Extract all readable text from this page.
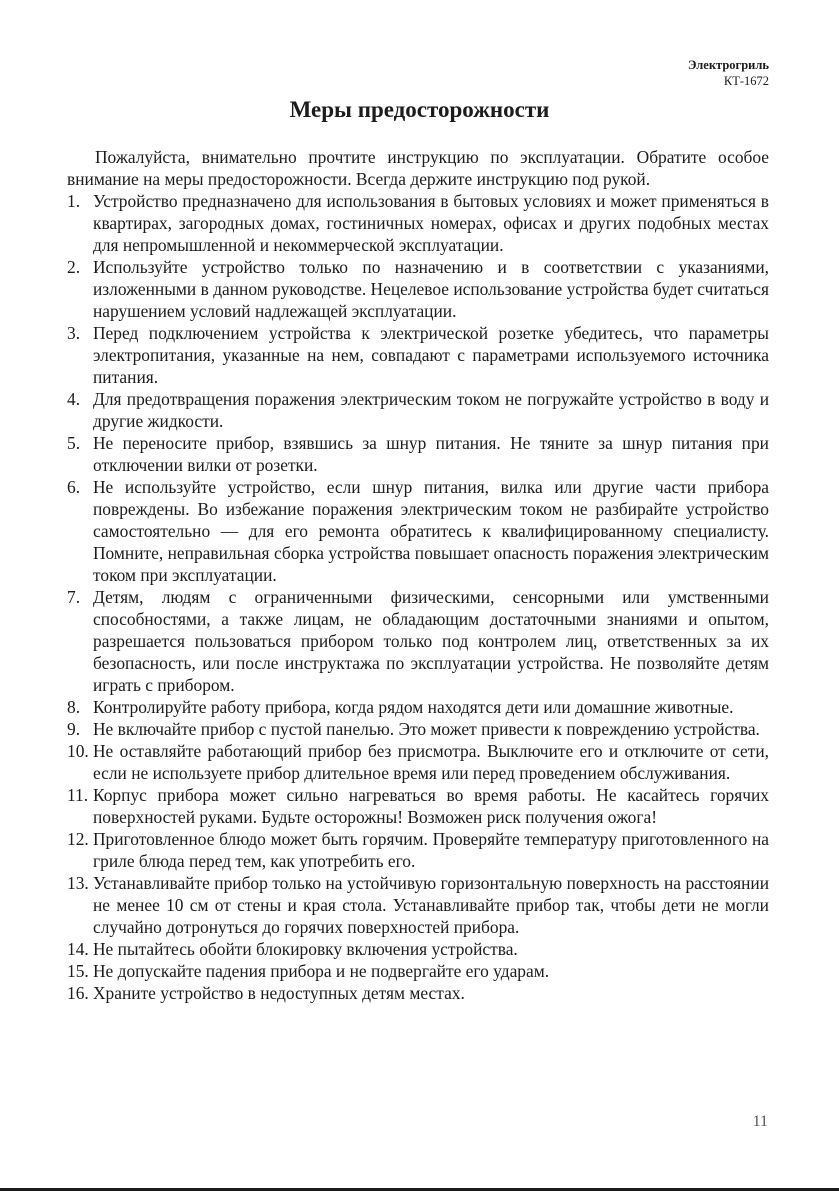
Электрогриль
КТ-1672
Меры предосторожности

Пожалуйста, внимательно прочтите инструкцию по эксплуатации. Обратите особое внимание на меры предосторожности. Всегда держите инструкцию под рукой.

1. Устройство предназначено для использования в бытовых условиях и может применяться в квартирах, загородных домах, гостиничных номерах, офисах и других подобных местах для непромышленной и некоммерческой эксплуатации.
2. Используйте устройство только по назначению и в соответствии с указаниями, изложенными в данном руководстве. Нецелевое использование устройства будет считаться нарушением условий надлежащей эксплуатации.
3. Перед подключением устройства к электрической розетке убедитесь, что параметры электропитания, указанные на нем, совпадают с параметрами используемого источника питания.
4. Для предотвращения поражения электрическим током не погружайте устройство в воду и другие жидкости.
5. Не переносите прибор, взявшись за шнур питания. Не тяните за шнур питания при отключении вилки от розетки.
6. Не используйте устройство, если шнур питания, вилка или другие части прибора повреждены. Во избежание поражения электрическим током не разбирайте устройство самостоятельно — для его ремонта обратитесь к квалифицированному специалисту. Помните, неправильная сборка устройства повышает опасность поражения электрическим током при эксплуатации.
7. Детям, людям с ограниченными физическими, сенсорными или умственными способностями, а также лицам, не обладающим достаточными знаниями и опытом, разрешается пользоваться прибором только под контролем лиц, ответственных за их безопасность, или после инструктажа по эксплуатации устройства. Не позволяйте детям играть с прибором.
8. Контролируйте работу прибора, когда рядом находятся дети или домашние животные.
9. Не включайте прибор с пустой панелью. Это может привести к повреждению устройства.
10. Не оставляйте работающий прибор без присмотра. Выключите его и отключите от сети, если не используете прибор длительное время или перед проведением обслуживания.
11. Корпус прибора может сильно нагреваться во время работы. Не касайтесь горячих поверхностей руками. Будьте осторожны! Возможен риск получения ожога!
12. Приготовленное блюдо может быть горячим. Проверяйте температуру приготовленного на гриле блюда перед тем, как употребить его.
13. Устанавливайте прибор только на устойчивую горизонтальную поверхность на расстоянии не менее 10 см от стены и края стола. Устанавливайте прибор так, чтобы дети не могли случайно дотронуться до горячих поверхностей прибора.
14. Не пытайтесь обойти блокировку включения устройства.
15. Не допускайте падения прибора и не подвергайте его ударам.
16. Храните устройство в недоступных детям местах.
11
